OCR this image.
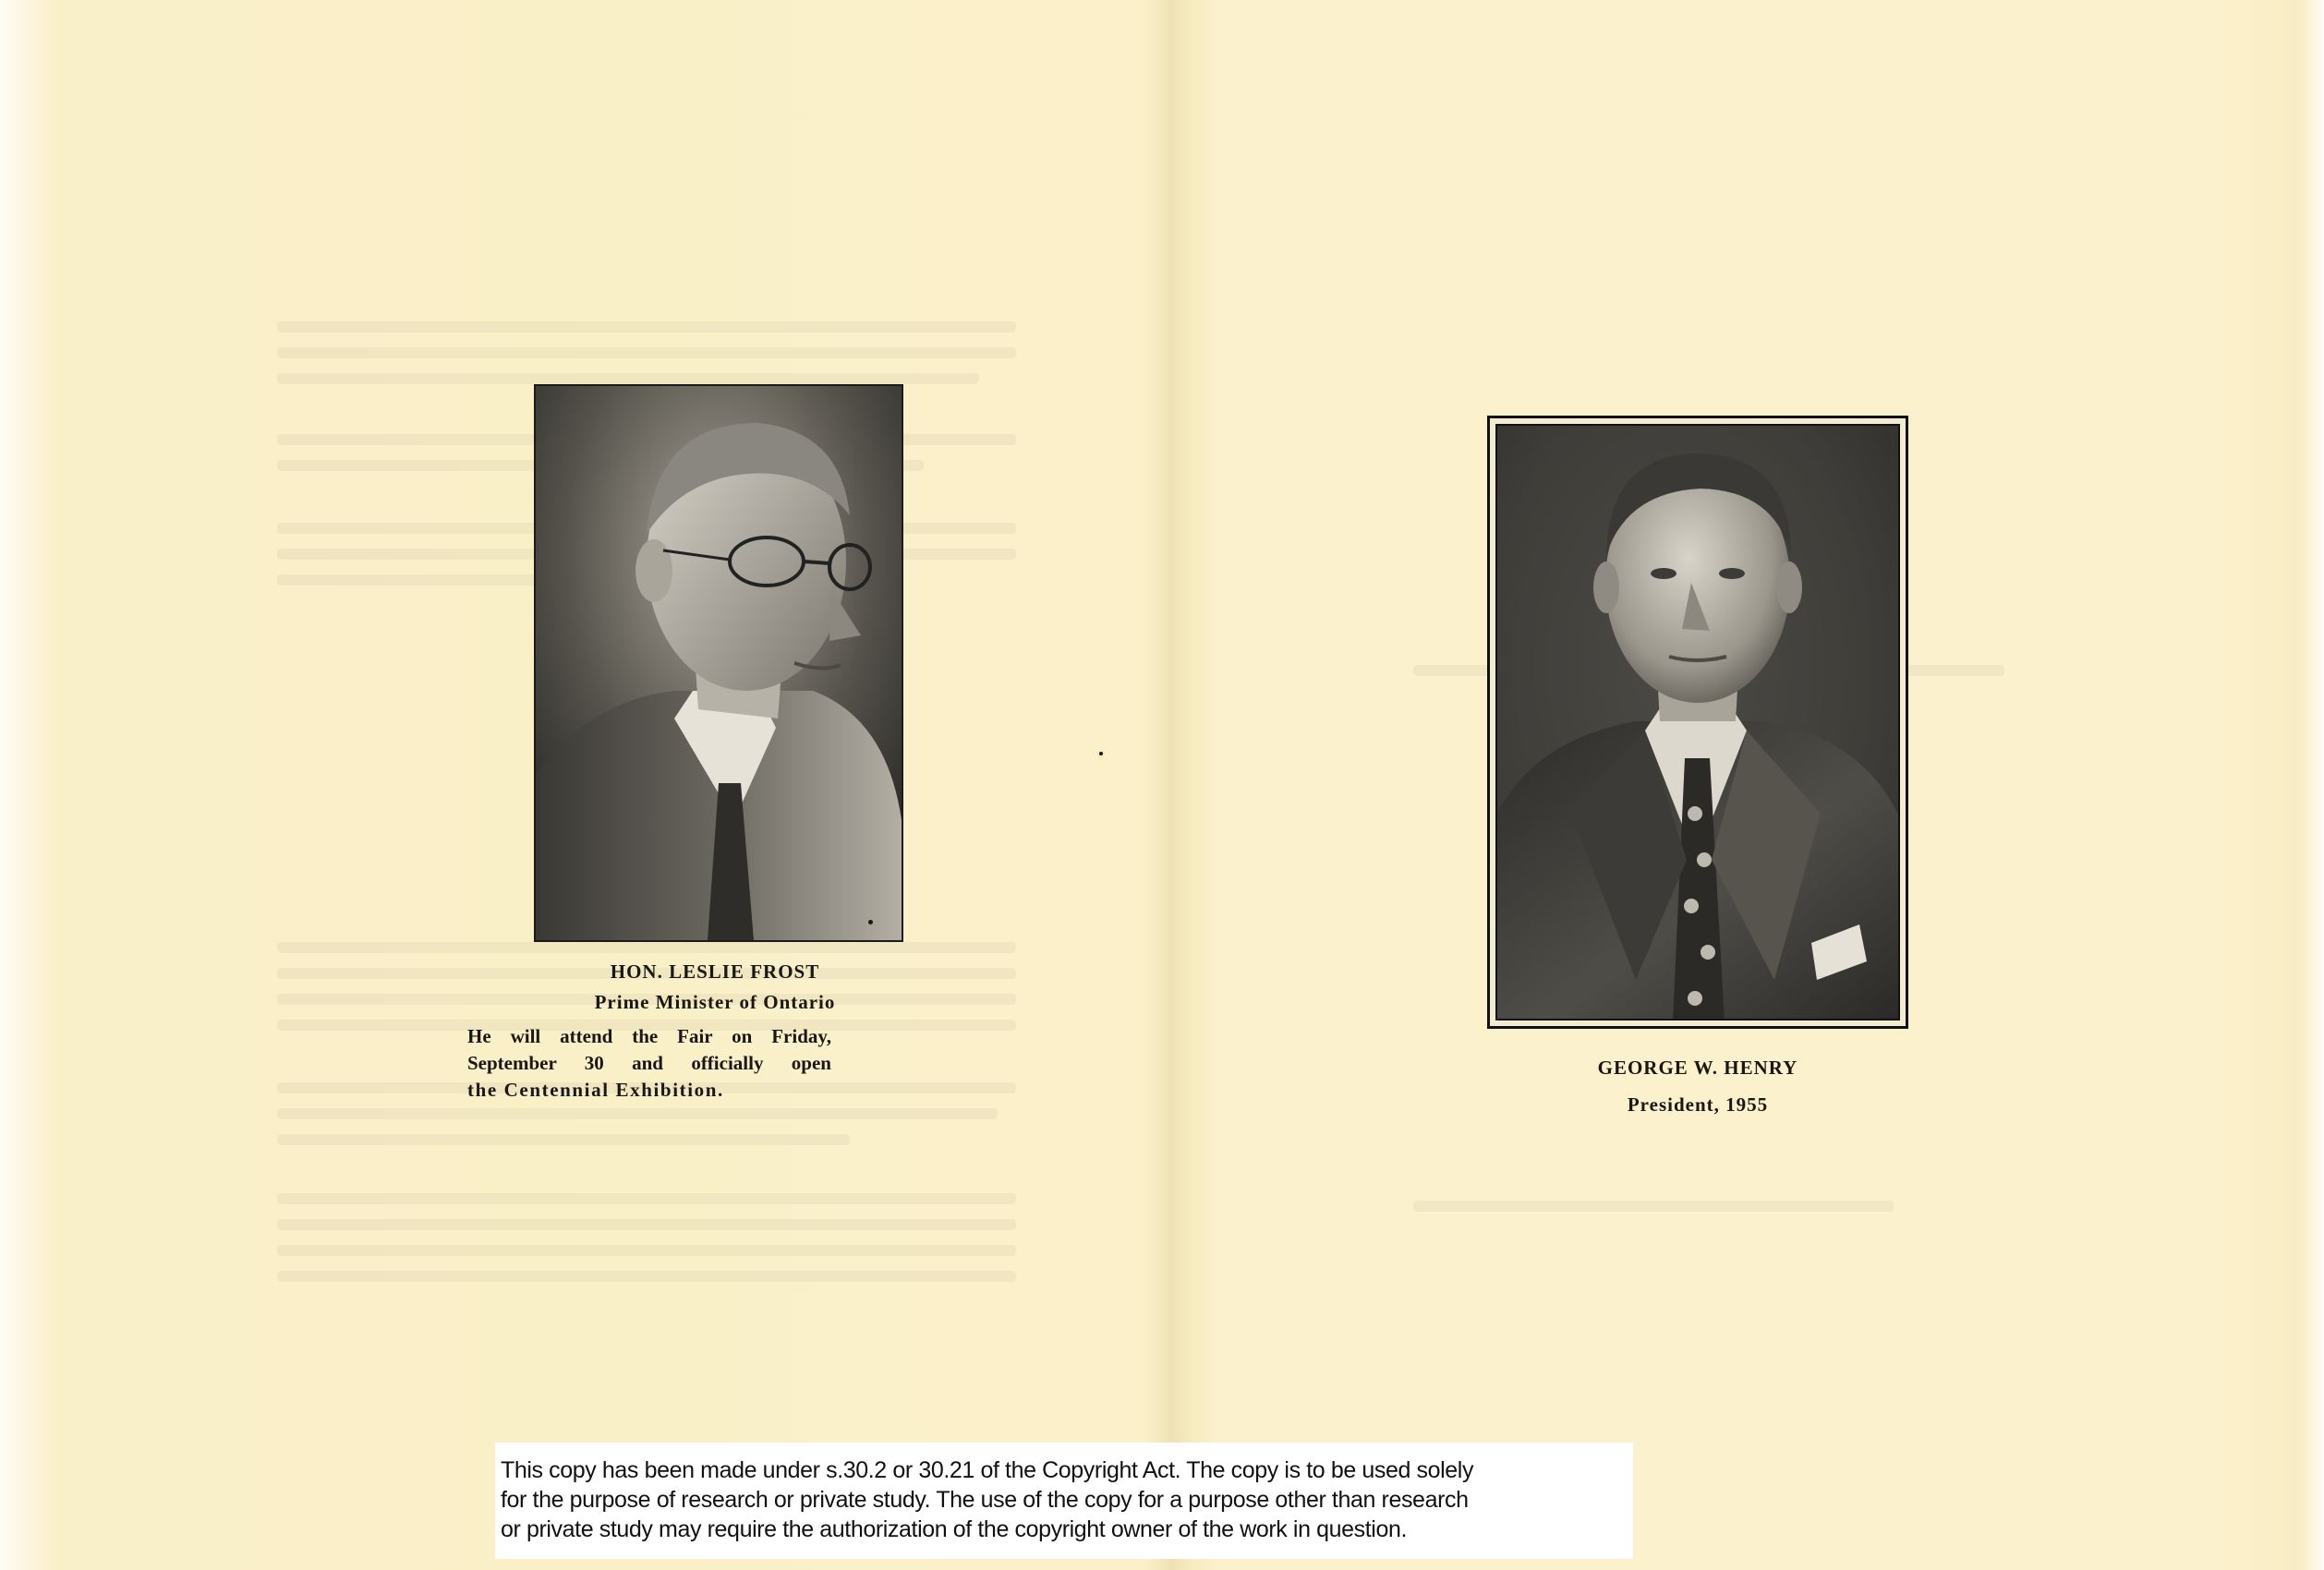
HON. LESLIE FROST
Prime Minister of Ontario
He will attend the Fair on Friday,
September 30 and officially open
the Centennial Exhibition.
GEORGE W. HENRY
President, 1955
This copy has been made under s.30.2 or 30.21 of the Copyright Act. The copy is to be used solely
for the purpose of research or private study. The use of the copy for a purpose other than research
or private study may require the authorization of the copyright owner of the work in question.
